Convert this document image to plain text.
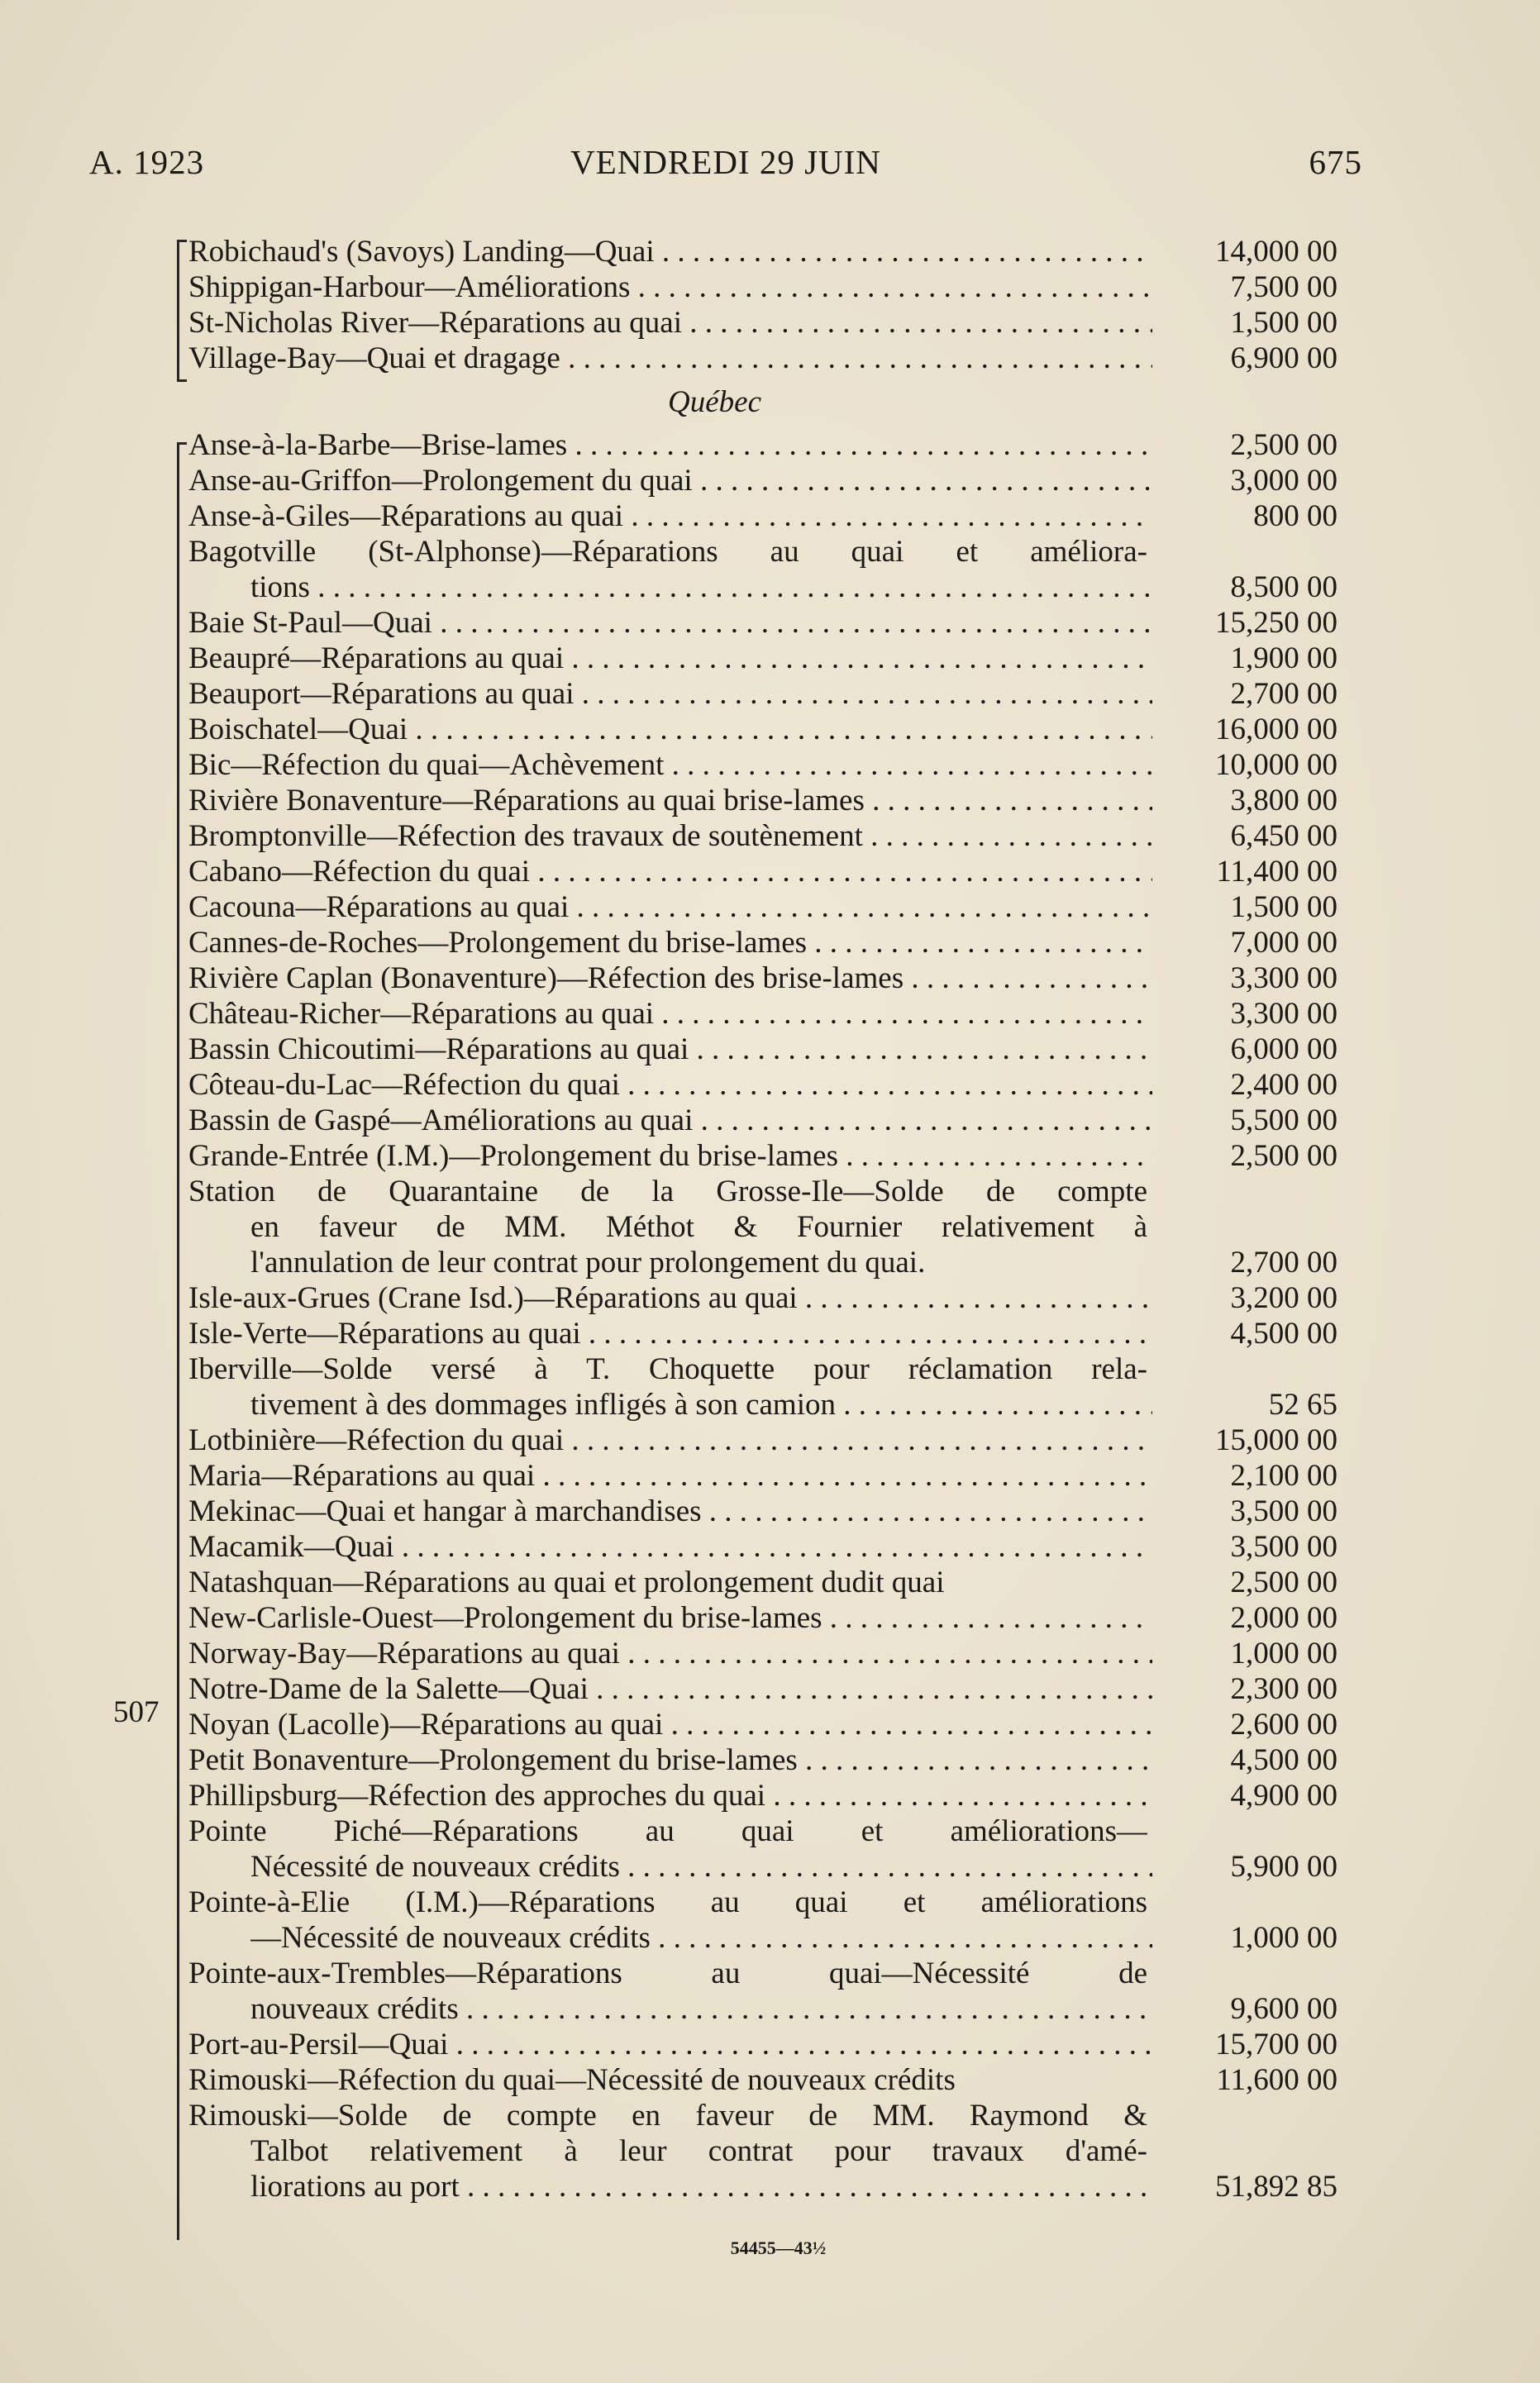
A. 1923	VENDREDI 29 JUIN	675
507
Robichaud's (Savoys) Landing—Quai . . .	14,000 00
Shippigan-Harbour—Améliorations . . .	7,500 00
St-Nicholas River—Réparations au quai . . .	1,500 00
Village-Bay—Quai et dragage . . .	6,900 00
Québec
Anse-à-la-Barbe—Brise-lames . . .	2,500 00
Anse-au-Griffon—Prolongement du quai . . .	3,000 00
Anse-à-Giles—Réparations au quai . . .	800 00
Bagotville (St-Alphonse)—Réparations au quai et améliora-
tions . . .	8,500 00
Baie St-Paul—Quai . . .	15,250 00
Beaupré—Réparations au quai . . .	1,900 00
Beauport—Réparations au quai . . .	2,700 00
Boischatel—Quai . . .	16,000 00
Bic—Réfection du quai—Achèvement . . .	10,000 00
Rivière Bonaventure—Réparations au quai brise-lames . . .	3,800 00
Bromptonville—Réfection des travaux de soutènement . . .	6,450 00
Cabano—Réfection du quai . . .	11,400 00
Cacouna—Réparations au quai . . .	1,500 00
Cannes-de-Roches—Prolongement du brise-lames . . .	7,000 00
Rivière Caplan (Bonaventure)—Réfection des brise-lames . . .	3,300 00
Château-Richer—Réparations au quai . . .	3,300 00
Bassin Chicoutimi—Réparations au quai . . .	6,000 00
Côteau-du-Lac—Réfection du quai . . .	2,400 00
Bassin de Gaspé—Améliorations au quai . . .	5,500 00
Grande-Entrée (I.M.)—Prolongement du brise-lames . . .	2,500 00
Station de Quarantaine de la Grosse-Ile—Solde de compte
en faveur de MM. Méthot & Fournier relativement à
l'annulation de leur contrat pour prolongement du quai.	2,700 00
Isle-aux-Grues (Crane Isd.)—Réparations au quai . . .	3,200 00
Isle-Verte—Réparations au quai . . .	4,500 00
Iberville—Solde versé à T. Choquette pour réclamation rela-
tivement à des dommages infligés à son camion . . .	52 65
Lotbinière—Réfection du quai . . .	15,000 00
Maria—Réparations au quai . . .	2,100 00
Mekinac—Quai et hangar à marchandises . . .	3,500 00
Macamik—Quai . . .	3,500 00
Natashquan—Réparations au quai et prolongement dudit quai	2,500 00
New-Carlisle-Ouest—Prolongement du brise-lames . . .	2,000 00
Norway-Bay—Réparations au quai . . .	1,000 00
Notre-Dame de la Salette—Quai . . .	2,300 00
Noyan (Lacolle)—Réparations au quai . . .	2,600 00
Petit Bonaventure—Prolongement du brise-lames . . .	4,500 00
Phillipsburg—Réfection des approches du quai . . .	4,900 00
Pointe Piché—Réparations au quai et améliorations—
Nécessité de nouveaux crédits . . .	5,900 00
Pointe-à-Elie (I.M.)—Réparations au quai et améliorations
—Nécessité de nouveaux crédits . . .	1,000 00
Pointe-aux-Trembles—Réparations au quai—Nécessité de
nouveaux crédits . . .	9,600 00
Port-au-Persil—Quai . . .	15,700 00
Rimouski—Réfection du quai—Nécessité de nouveaux crédits	11,600 00
Rimouski—Solde de compte en faveur de MM. Raymond &
Talbot relativement à leur contrat pour travaux d'amé-
liorations au port . . .	51,892 85
54455—43½
